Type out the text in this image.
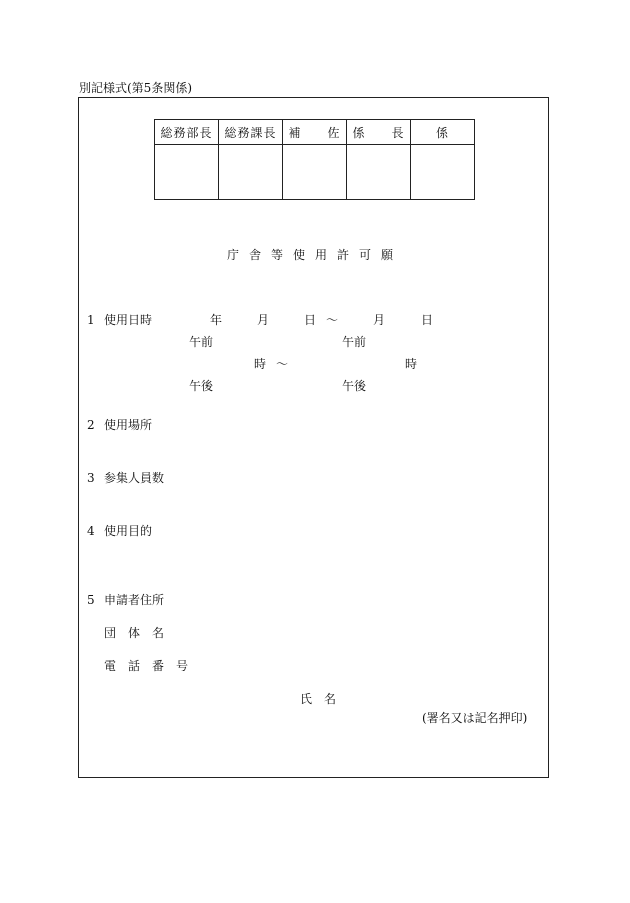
別記様式(第5条関係)
総務部長	総務課長	補　　佐	係　　長	係

庁舎等使用許可願
1 使用日時	年	月	日 〜	月	日
午前	午前
時 〜	時
午後	午後
2 使用場所
3 参集人員数
4 使用目的
5 申請者住所
団　体　名
電　話　番　号
氏　名
(署名又は記名押印)
